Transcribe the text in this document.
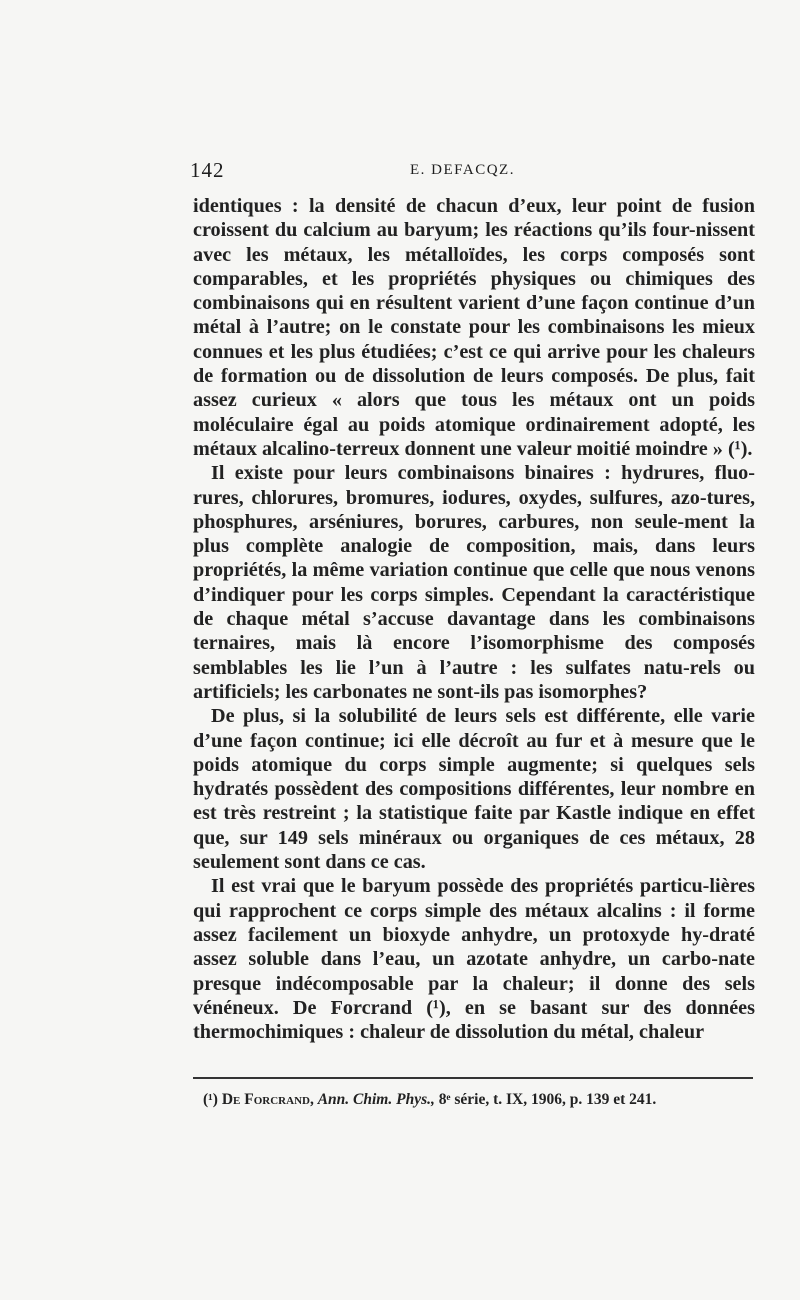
142	E. DEFACQZ.

identiques : la densité de chacun d’eux, leur point de fusion croissent du calcium au baryum; les réactions qu’ils four-nissent avec les métaux, les métalloïdes, les corps composés sont comparables, et les propriétés physiques ou chimiques des combinaisons qui en résultent varient d’une façon continue d’un métal à l’autre; on le constate pour les combinaisons les mieux connues et les plus étudiées; c’est ce qui arrive pour les chaleurs de formation ou de dissolution de leurs composés. De plus, fait assez curieux « alors que tous les métaux ont un poids moléculaire égal au poids atomique ordinairement adopté, les métaux alcalino-terreux donnent une valeur moitié moindre » (¹).

Il existe pour leurs combinaisons binaires : hydrures, fluo-rures, chlorures, bromures, iodures, oxydes, sulfures, azo-tures, phosphures, arséniures, borures, carbures, non seule-ment la plus complète analogie de composition, mais, dans leurs propriétés, la même variation continue que celle que nous venons d’indiquer pour les corps simples. Cependant la caractéristique de chaque métal s’accuse davantage dans les combinaisons ternaires, mais là encore l’isomorphisme des composés semblables les lie l’un à l’autre : les sulfates natu-rels ou artificiels; les carbonates ne sont-ils pas isomorphes?

De plus, si la solubilité de leurs sels est différente, elle varie d’une façon continue; ici elle décroît au fur et à mesure que le poids atomique du corps simple augmente; si quelques sels hydratés possèdent des compositions différentes, leur nombre en est très restreint ; la statistique faite par Kastle indique en effet que, sur 149 sels minéraux ou organiques de ces métaux, 28 seulement sont dans ce cas.

Il est vrai que le baryum possède des propriétés particu-lières qui rapprochent ce corps simple des métaux alcalins : il forme assez facilement un bioxyde anhydre, un protoxyde hy-draté assez soluble dans l’eau, un azotate anhydre, un carbo-nate presque indécomposable par la chaleur; il donne des sels vénéneux. De Forcrand (¹), en se basant sur des données thermochimiques : chaleur de dissolution du métal, chaleur

(¹) De Forcrand, Ann. Chim. Phys., 8ᵉ série, t. IX, 1906, p. 139 et 241.
